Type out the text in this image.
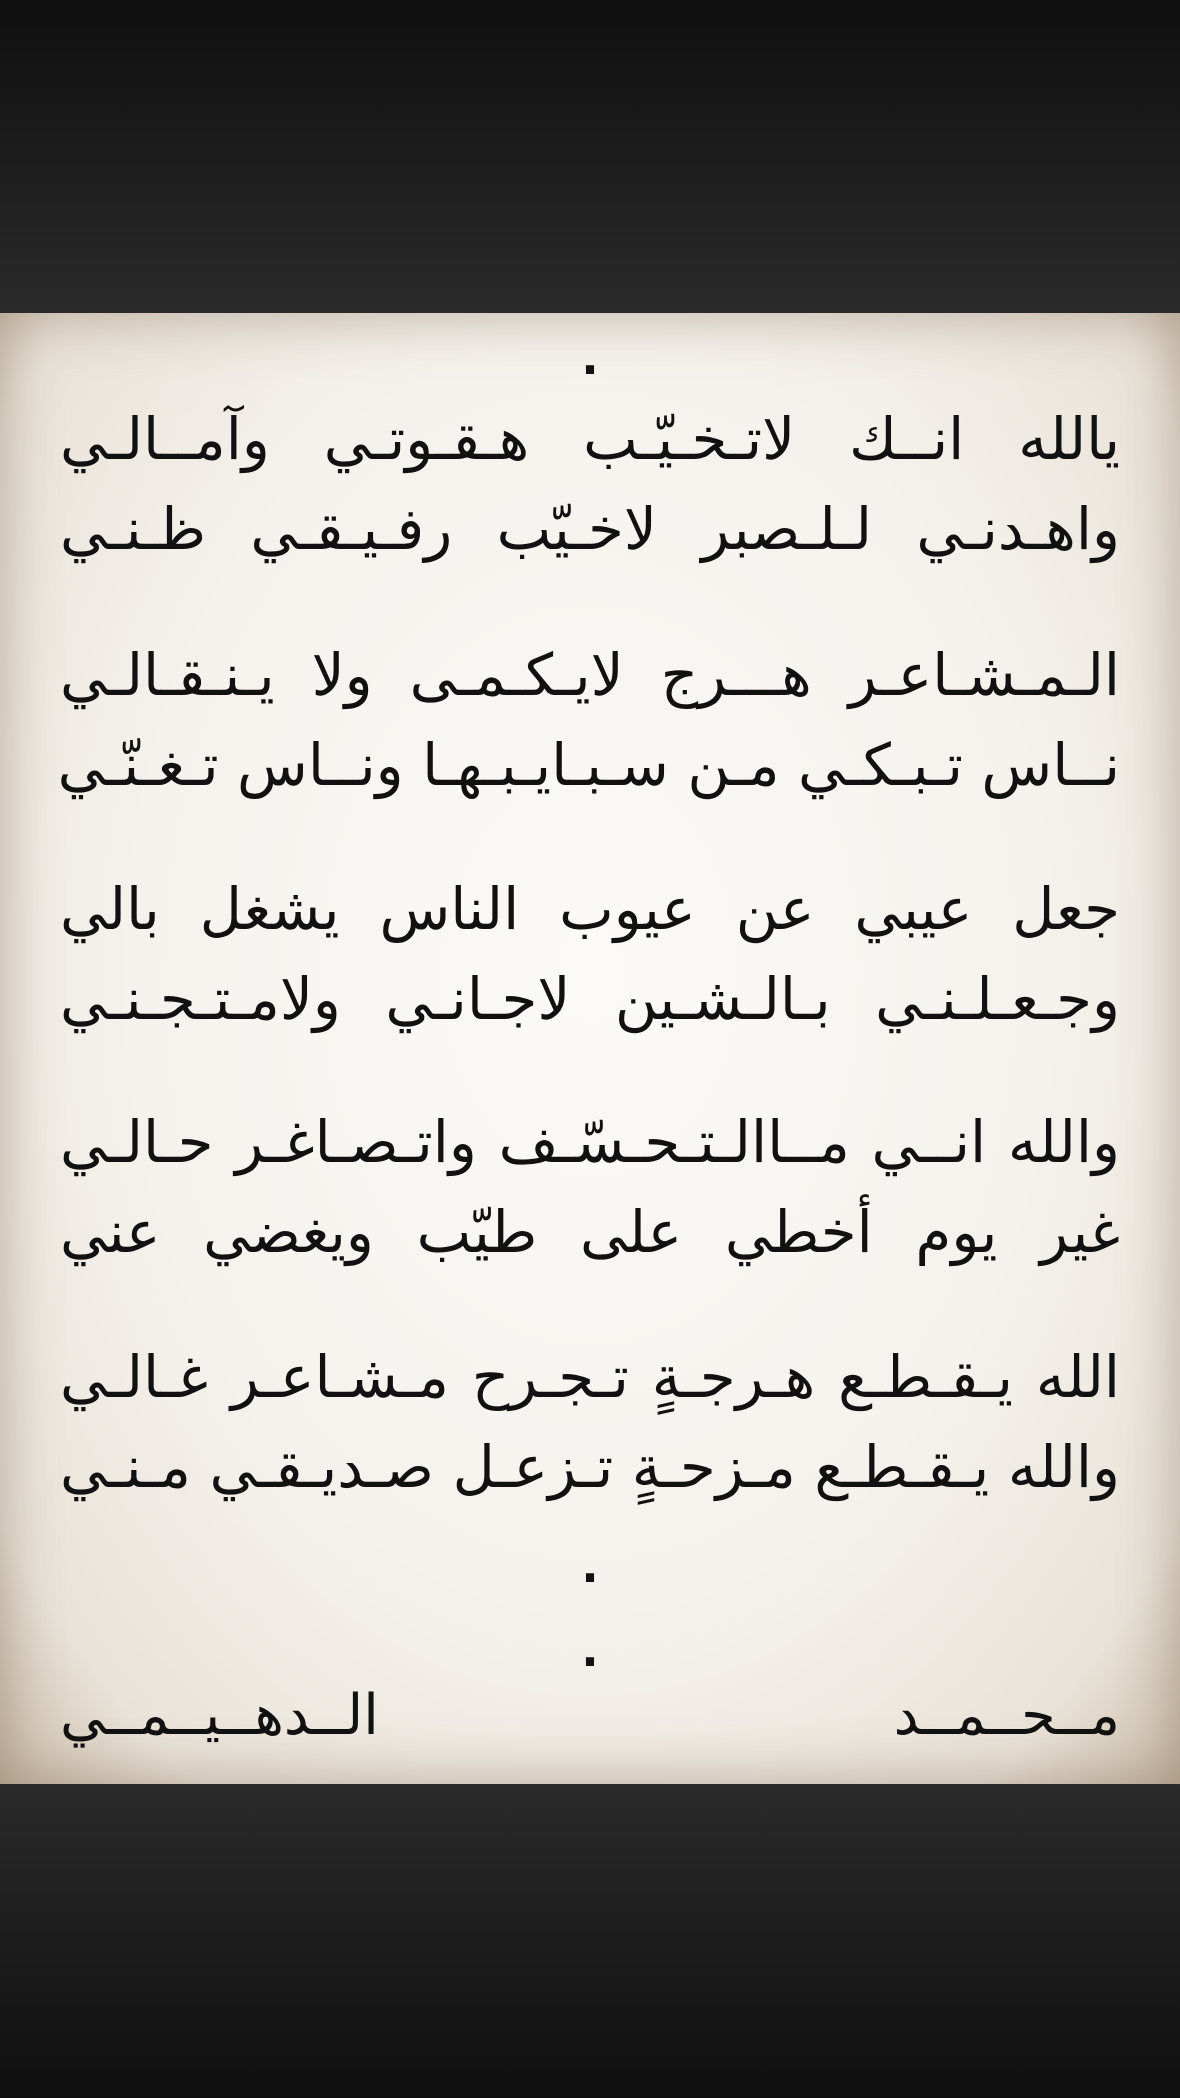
.
يالله انــك لاتـخـيّـب هـقـوتـي وآمــالـي
واهـدنـي لـلـصبر لاخـيّب رفـيـقـي ظـنـي
الـمـشـاعـر هـــرج لايـكـمـى ولا يـنـقـالـي
نــاس تـبـكـي مـن سـبـايـبـهـا ونــاس تـغـنّـي
جعل عيبي عن عيوب الناس يشغل بالي
وجـعـلـنـي بـالـشـين لاجـانـي ولامـتـجـنـي
والله انــي مــاالـتـحـسّـف واتـصـاغـر حـالـي
غير يوم أخطي على طيّب ويغضي عني
الله يـقـطـع هـرجـةٍ تـجـرح مـشـاعـر غـالـي
والله يـقـطـع مـزحـةٍ تـزعـل صـديـقـي مـنـي
.
.
مــحــمــد الــدهــيــمــي
